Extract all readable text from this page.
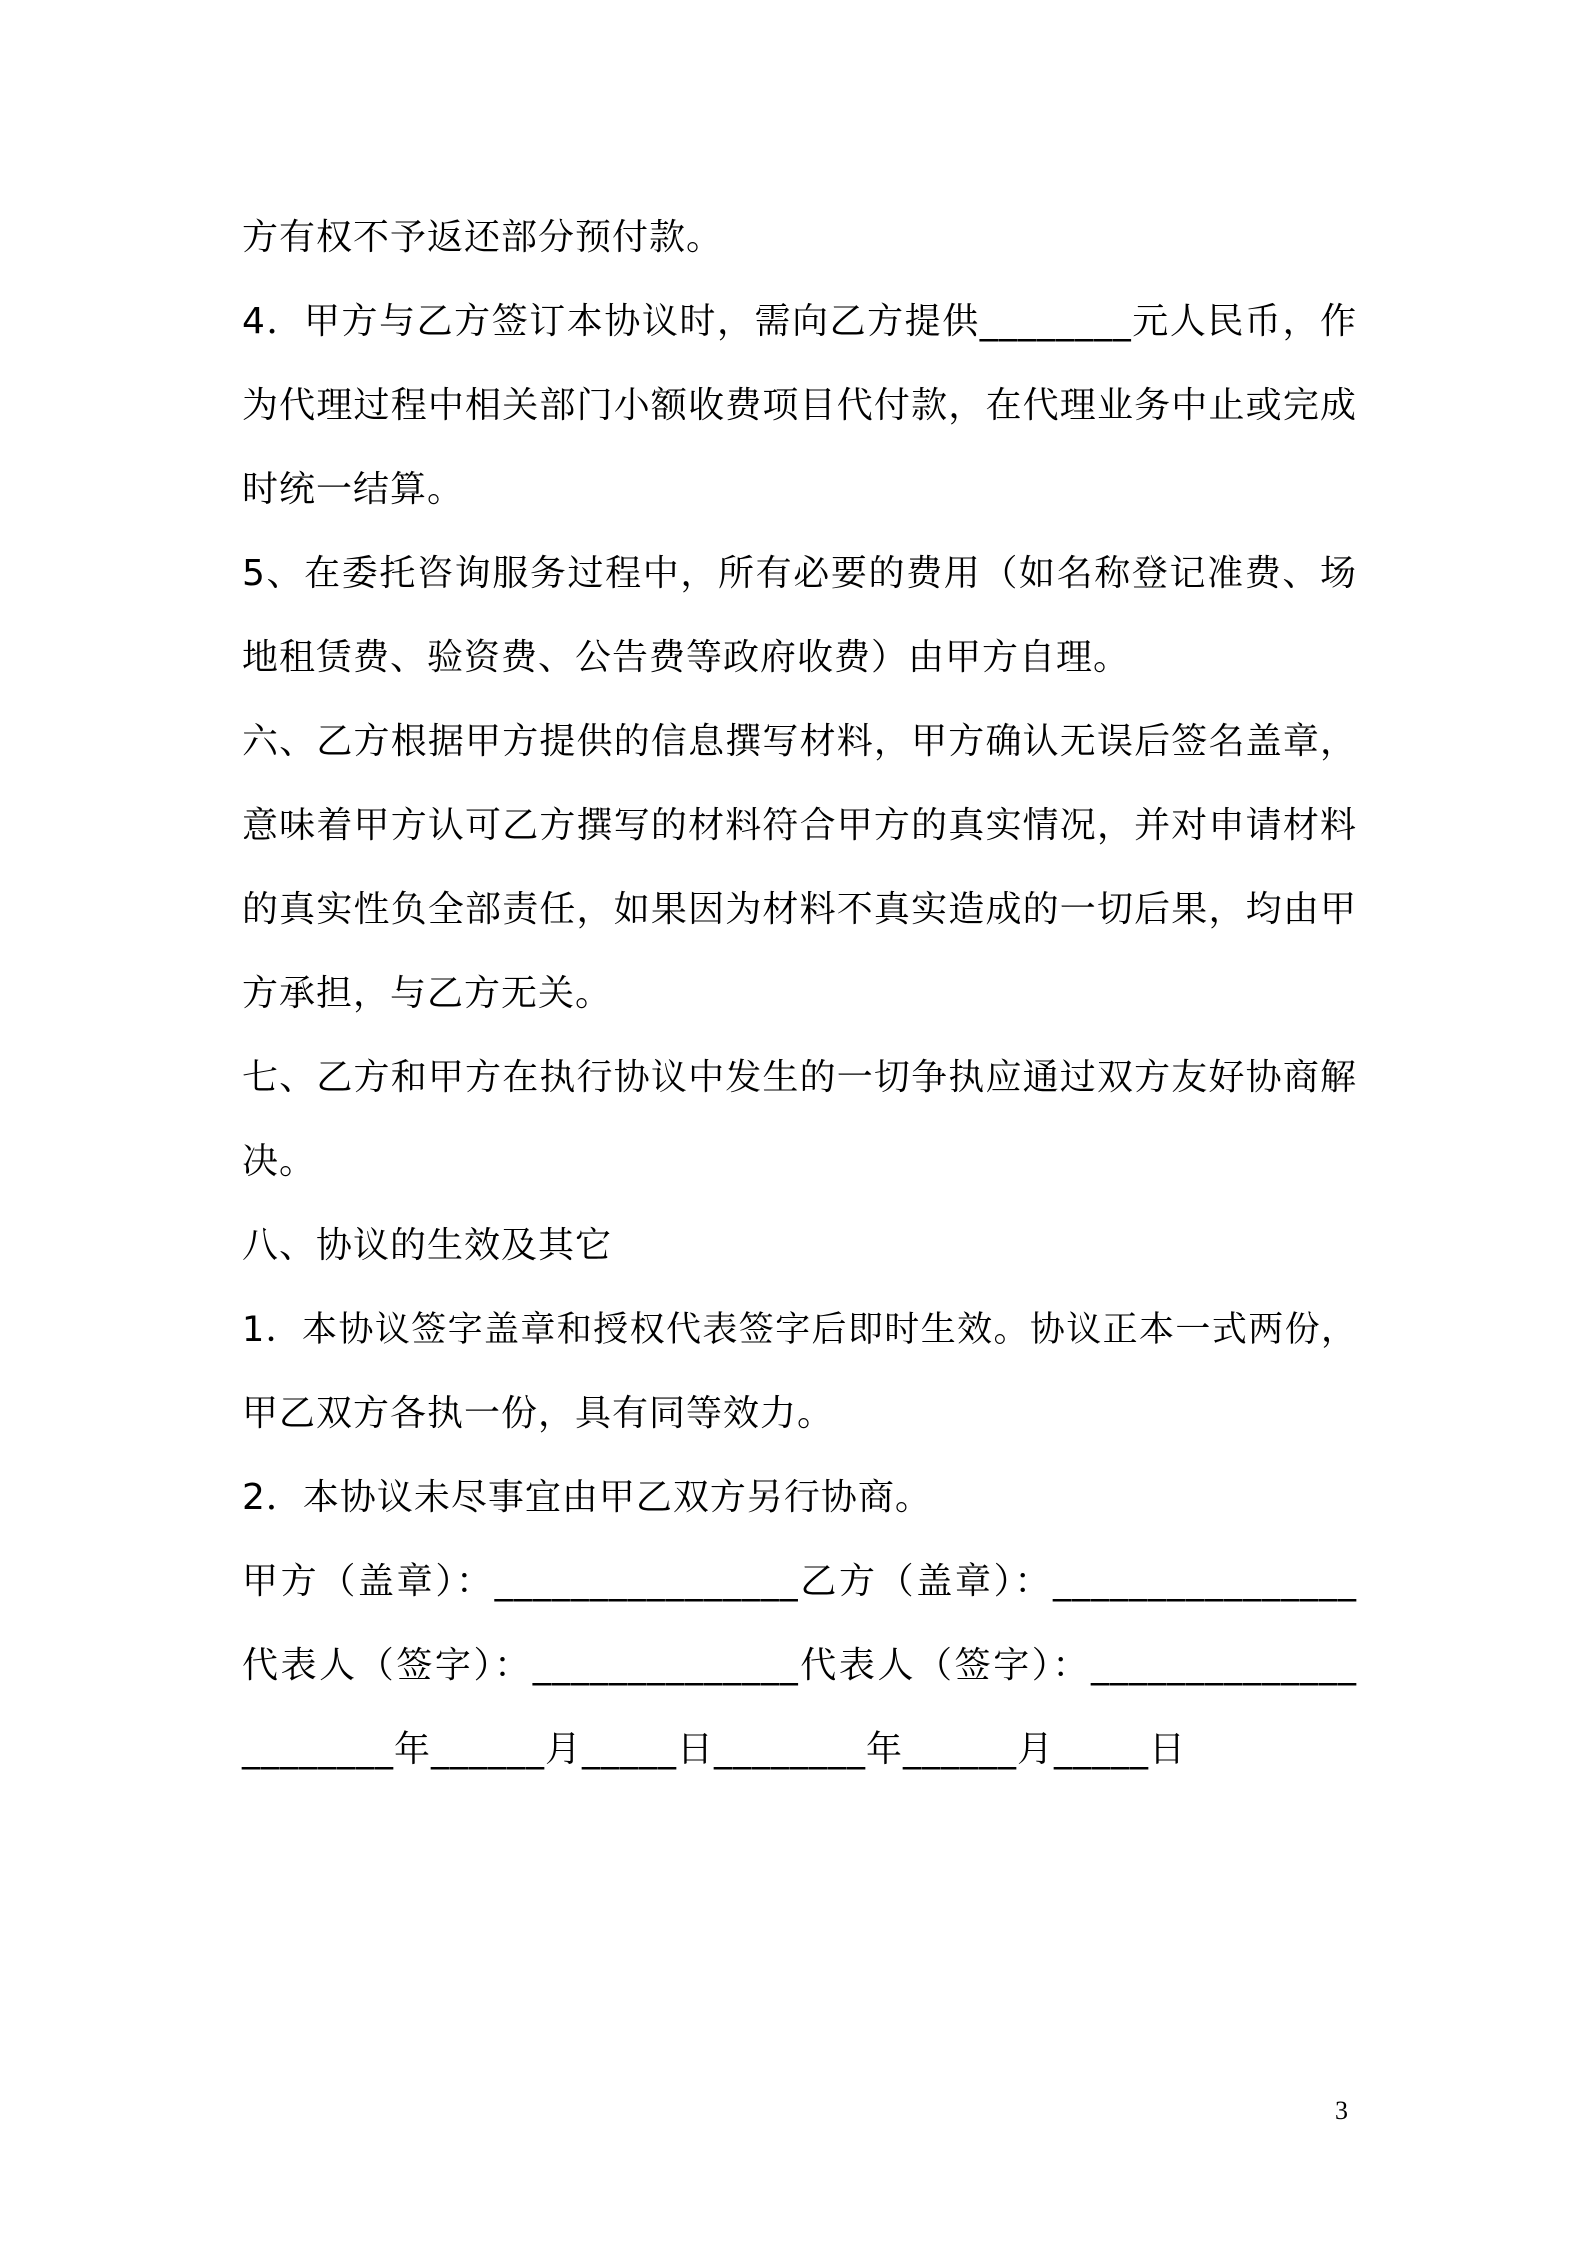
方有权不予返还部分预付款。
4．甲方与乙方签订本协议时，需向乙方提供________元人民币，作
为代理过程中相关部门小额收费项目代付款，在代理业务中止或完成
时统一结算。
5、在委托咨询服务过程中，所有必要的费用（如名称登记准费、场
地租赁费、验资费、公告费等政府收费）由甲方自理。
六、乙方根据甲方提供的信息撰写材料，甲方确认无误后签名盖章，
意味着甲方认可乙方撰写的材料符合甲方的真实情况，并对申请材料
的真实性负全部责任，如果因为材料不真实造成的一切后果，均由甲
方承担，与乙方无关。
七、乙方和甲方在执行协议中发生的一切争执应通过双方友好协商解
决。
八、协议的生效及其它
1．本协议签字盖章和授权代表签字后即时生效。协议正本一式两份，
甲乙双方各执一份，具有同等效力。
2．本协议未尽事宜由甲乙双方另行协商。
甲方（盖章）：________________乙方（盖章）：________________
代表人（签字）：______________代表人（签字）：______________
________年______月_____日________年______月_____日
3
